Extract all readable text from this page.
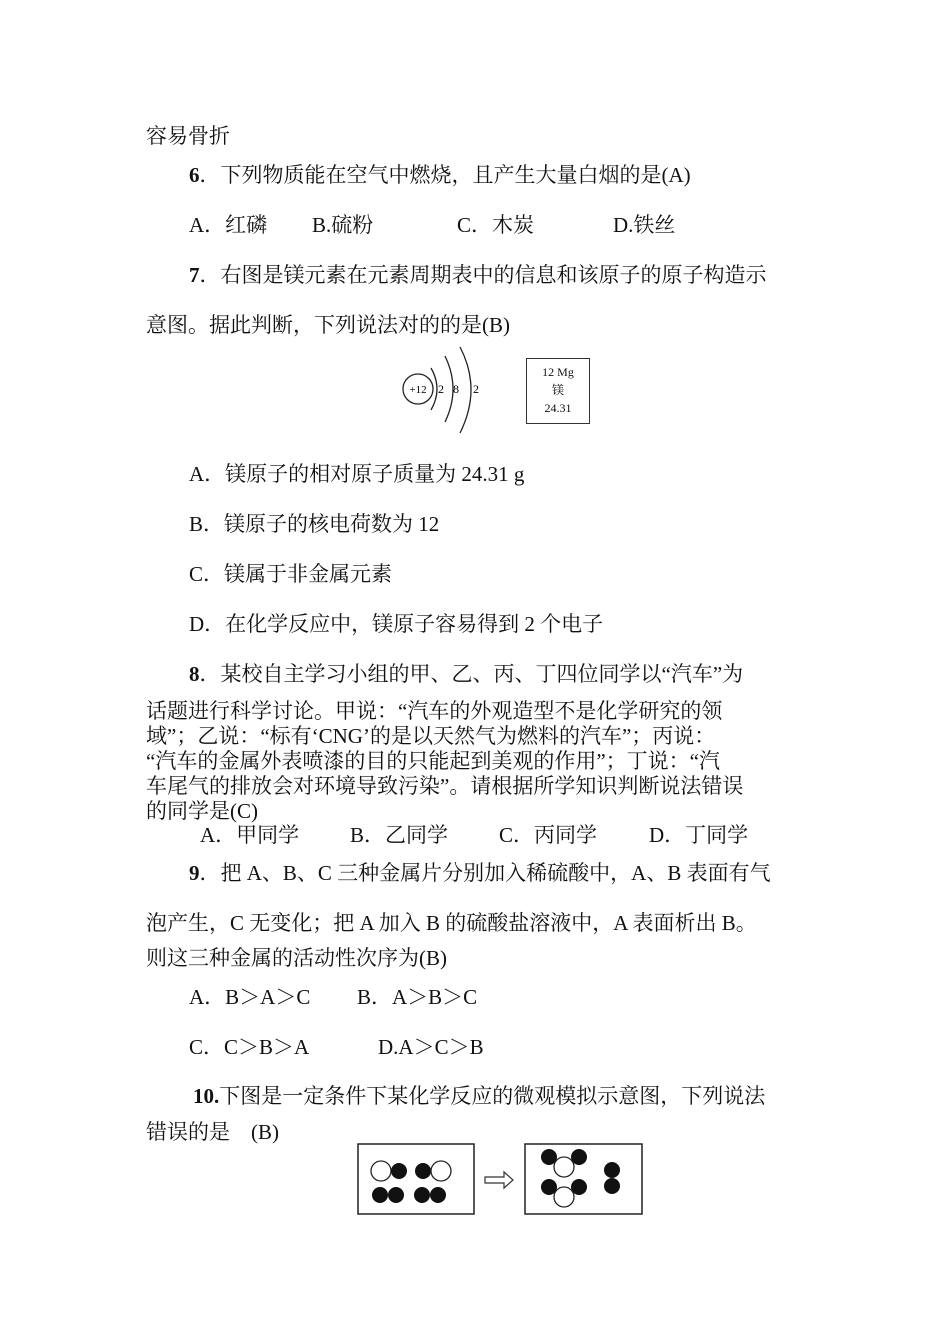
容易骨折
6．下列物质能在空气中燃烧，且产生大量白烟的是(A)
A．红磷 B.硫粉	C．木炭	D.铁丝
7．右图是镁元素在元素周期表中的信息和该原子的原子构造示
意图。据此判断，下列说法对的的是(B)
+12 2 8 2
12 Mg
镁
24.31
A．镁原子的相对原子质量为 24.31 g
B．镁原子的核电荷数为 12
C．镁属于非金属元素
D．在化学反应中，镁原子容易得到 2 个电子
8．某校自主学习小组的甲、乙、丙、丁四位同学以“汽车”为
话题进行科学讨论。甲说：“汽车的外观造型不是化学研究的领
域”；乙说：“标有‘CNG’的是以天然气为燃料的汽车”；丙说：
“汽车的金属外表喷漆的目的只能起到美观的作用”；丁说：“汽
车尾气的排放会对环境导致污染”。请根据所学知识判断说法错误
的同学是(C)
A．甲同学 B．乙同学 C．丙同学 D．丁同学
9．把 A、B、C 三种金属片分别加入稀硫酸中，A、B 表面有气
泡产生，C 无变化；把 A 加入 B 的硫酸盐溶液中，A 表面析出 B。
则这三种金属的活动性次序为(B)
A．B＞A＞C B．A＞B＞C
C．C＞B＞A	D.A＞C＞B
10.下图是一定条件下某化学反应的微观模拟示意图，下列说法
错误的是　(B)
